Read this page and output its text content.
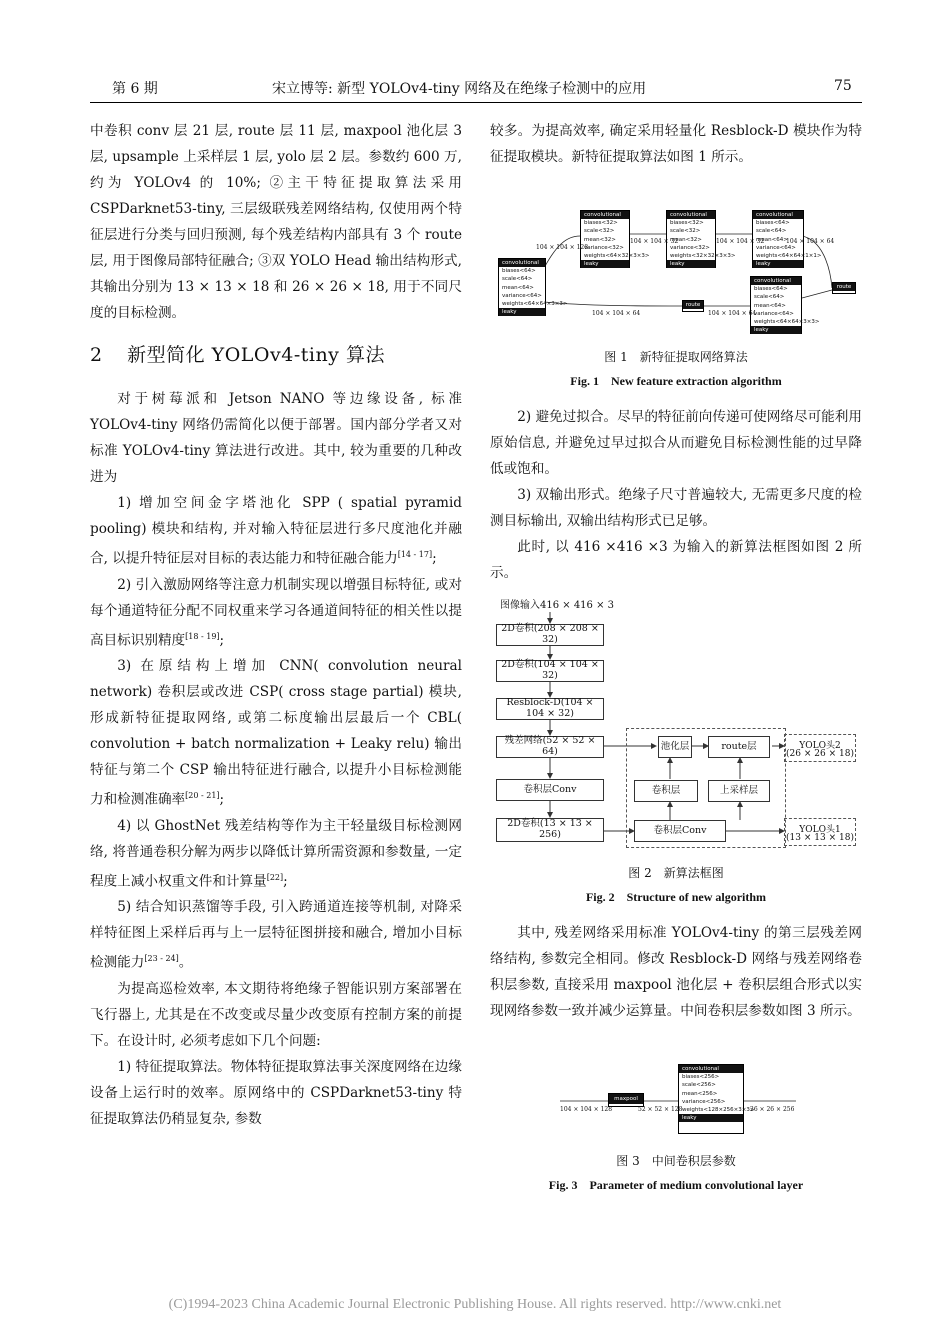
第 6 期	宋立博等: 新型 YOLOv4-tiny 网络及在绝缘子检测中的应用	75

中卷积 conv 层 21 层, route 层 11 层, maxpool 池化层 3 层, upsample 上采样层 1 层, yolo 层 2 层。参数约 600 万, 约为 YOLOv4 的 10%; ②主干特征提取算法采用 CSPDarknet53-tiny, 三层级联残差网络结构, 仅使用两个特征层进行分类与回归预测, 每个残差结构内部具有 3 个 route 层, 用于图像局部特征融合; ③双 YOLO Head 输出结构形式, 其输出分别为 13 × 13 × 18 和 26 × 26 × 18, 用于不同尺度的目标检测。

2 新型简化 YOLOv4-tiny 算法

对于树莓派和 Jetson NANO 等边缘设备, 标准 YOLOv4-tiny 网络仍需简化以便于部署。国内部分学者又对标准 YOLOv4-tiny 算法进行改进。其中, 较为重要的几种改进为

1) 增加空间金字塔池化 SPP ( spatial pyramid pooling) 模块和结构, 并对输入特征层进行多尺度池化并融合, 以提升特征层对目标的表达能力和特征融合能力[14 - 17];

2) 引入激励网络等注意力机制实现以增强目标特征, 或对每个通道特征分配不同权重来学习各通道间特征的相关性以提高目标识别精度[18 - 19];

3) 在原结构上增加 CNN( convolution neural network) 卷积层或改进 CSP( cross stage partial) 模块, 形成新特征提取网络, 或第二标度输出层最后一个 CBL( convolution + batch normalization + Leaky relu) 输出特征与第二个 CSP 输出特征进行融合, 以提升小目标检测能力和检测准确率[20 - 21];

4) 以 GhostNet 残差结构等作为主干轻量级目标检测网络, 将普通卷积分解为两步以降低计算所需资源和参数量, 一定程度上减小权重文件和计算量[22];

5) 结合知识蒸馏等手段, 引入跨通道连接等机制, 对降采样特征图上采样后再与上一层特征图拼接和融合, 增加小目标检测能力[23 - 24]。

为提高巡检效率, 本文期待将绝缘子智能识别方案部署在飞行器上, 尤其是在不改变或尽量少改变原有控制方案的前提下。在设计时, 必须考虑如下几个问题:

1) 特征提取算法。物体特征提取算法事关深度网络在边缘设备上运行时的效率。原网络中的 CSPDarknet53-tiny 特征提取算法仍稍显复杂, 参数

较多。为提高效率, 确定采用轻量化 Resblock-D 模块作为特征提取模块。新特征提取算法如图 1 所示。

convolutional
biases<64>
scale<64>
mean<64>
variance<64>
weights<64×64×3×3>
leaky
convolutional
biases<32>
scale<32>
mean<32>
variance<32>
weights<64×32×3×3>
leaky
convolutional
biases<32>
scale<32>
mean<32>
variance<32>
weights<32×32×3×3>
leaky
convolutional
biases<64>
scale<64>
mean<64>
variance<64>
weights<64×64×1×1>
leaky
convolutional
biases<64>
scale<64>
mean<64>
variance<64>
weights<64×64×3×3>
leaky
route
route
104 × 104 × 128
104 × 104 × 32	104 × 104 × 32	104 × 104 × 64
104 × 104 × 64	104 × 104 × 64
图 1　新特征提取网络算法
Fig. 1　New feature extraction algorithm

2) 避免过拟合。尽早的特征前向传递可使网络尽可能利用原始信息, 并避免过早过拟合从而避免目标检测性能的过早降低或饱和。

3) 双输出形式。绝缘子尺寸普遍较大, 无需更多尺度的检测目标输出, 双输出结构形式已足够。

此时, 以 416 ×416 ×3 为输入的新算法框图如图 2 所示。

图像输入416 × 416 × 3
2D卷积(208 × 208 × 32)
2D卷积(104 × 104 × 32)
Resblock-D(104 × 104 × 32)
残差网络(52 × 52 × 64)
卷积层Conv
2D卷积(13 × 13 × 256)
池化层	route层
卷积层	上采样层
卷积层Conv
YOLO头2
(26 × 26 × 18)
YOLO头1
(13 × 13 × 18)
图 2　新算法框图
Fig. 2　Structure of new algorithm

其中, 残差网络采用标准 YOLOv4-tiny 的第三层残差网络结构, 参数完全相同。修改 Resblock-D 网络与残差网络卷积层参数, 直接采用 maxpool 池化层 + 卷积层组合形式以实现网络参数一致并减少运算量。中间卷积层参数如图 3 所示。

maxpool
convolutional
biases<256>
scale<256>
mean<256>
variance<256>
weights<128×256×3×3>
leaky
104 × 104 × 128	52 × 52 × 128	26 × 26 × 256
图 3　中间卷积层参数
Fig. 3　Parameter of medium convolutional layer
(C)1994-2023 China Academic Journal Electronic Publishing House. All rights reserved. http://www.cnki.net
